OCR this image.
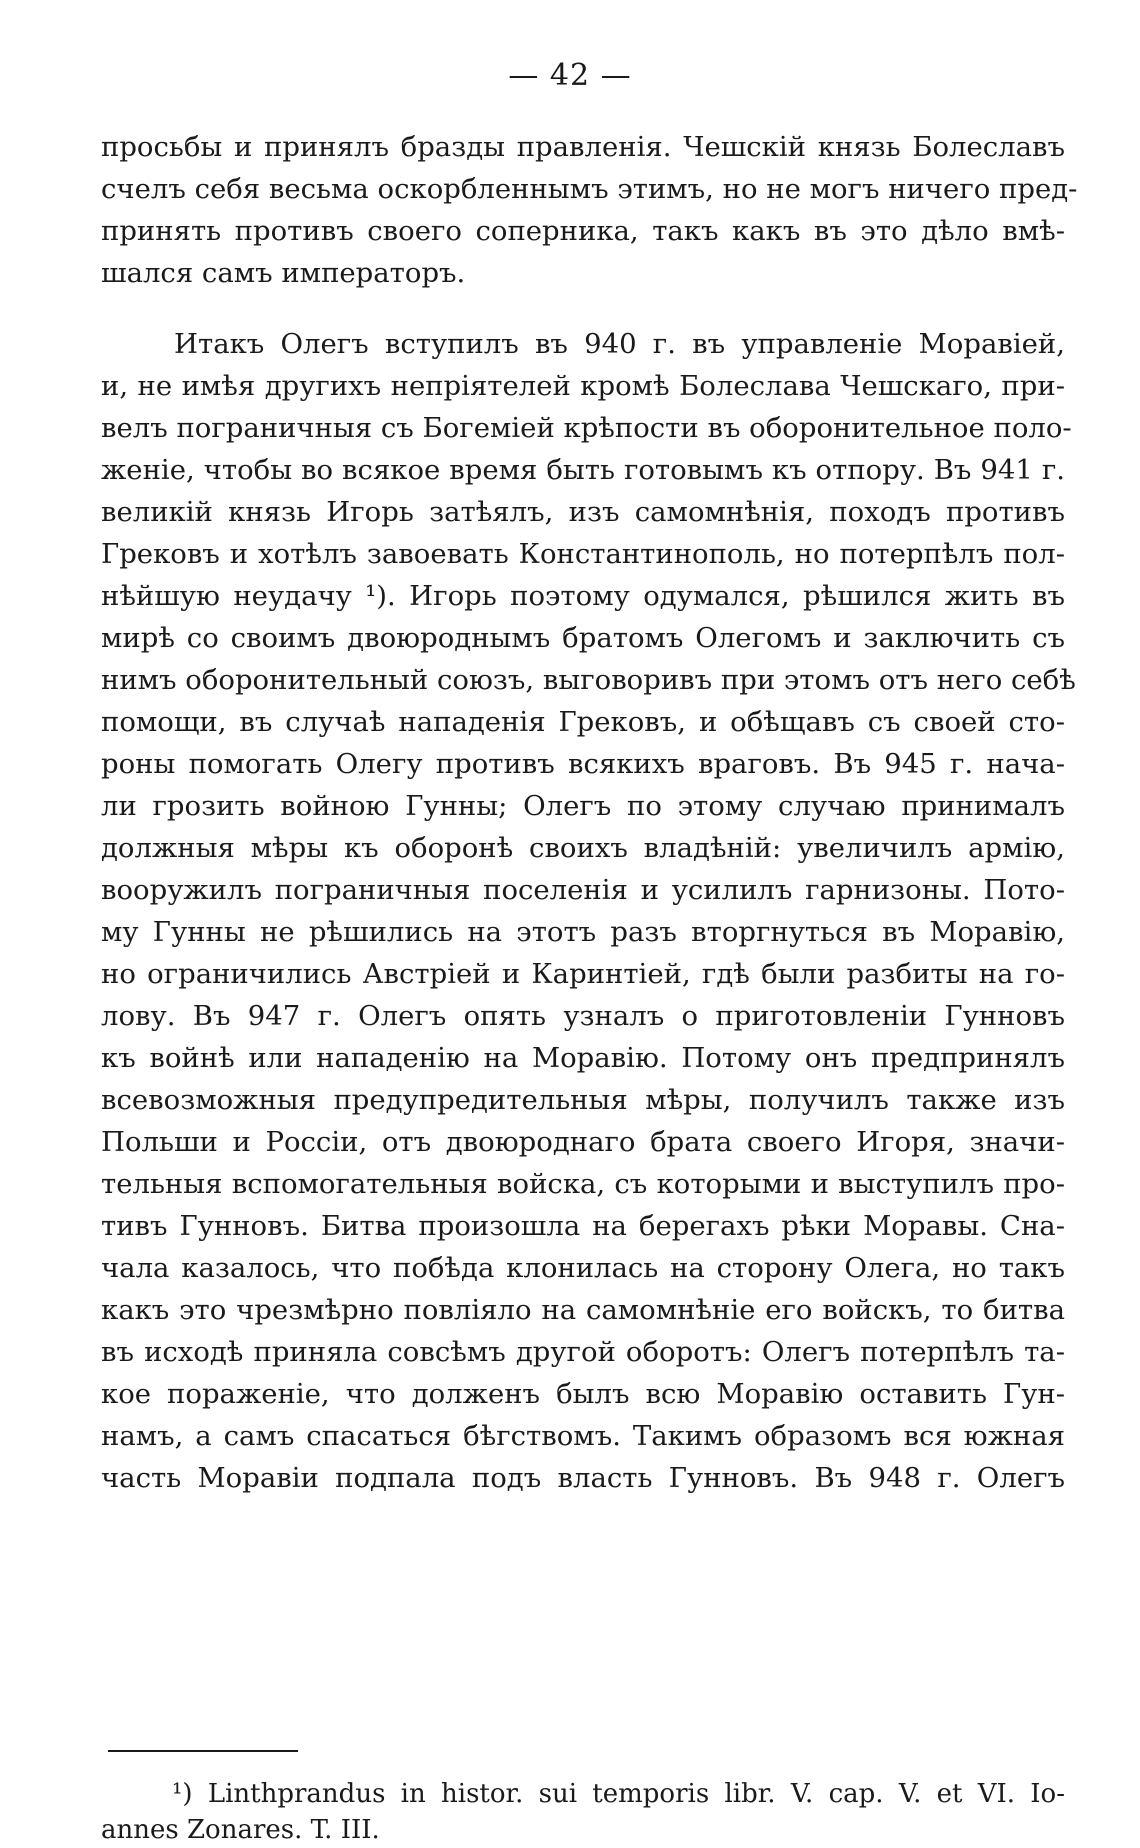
— 42 —
просьбы и принялъ бразды правленія. Чешскій князь Болеславъ
счелъ себя весьма оскорбленнымъ этимъ, но не могъ ничего пред-
принять противъ своего соперника, такъ какъ въ это дѣло вмѣ-
шался самъ императоръ.
Итакъ Олегъ вступилъ въ 940 г. въ управленіе Моравіей,
и, не имѣя другихъ непріятелей кромѣ Болеслава Чешскаго, при-
велъ пограничныя съ Богеміей крѣпости въ оборонительное поло-
женіе, чтобы во всякое время быть готовымъ къ отпору. Въ 941 г.
великій князь Игорь затѣялъ, изъ самомнѣнія, походъ противъ
Грековъ и хотѣлъ завоевать Константинополь, но потерпѣлъ пол-
нѣйшую неудачу ¹). Игорь поэтому одумался, рѣшился жить въ
мирѣ со своимъ двоюроднымъ братомъ Олегомъ и заключить съ
нимъ оборонительный союзъ, выговоривъ при этомъ отъ него себѣ
помощи, въ случаѣ нападенія Грековъ, и обѣщавъ съ своей сто-
роны помогать Олегу противъ всякихъ враговъ. Въ 945 г. нача-
ли грозить войною Гунны; Олегъ по этому случаю принималъ
должныя мѣры къ оборонѣ своихъ владѣній: увеличилъ армію,
вооружилъ пограничныя поселенія и усилилъ гарнизоны. Пото-
му Гунны не рѣшились на этотъ разъ вторгнуться въ Моравію,
но ограничились Австріей и Каринтіей, гдѣ были разбиты на го-
лову. Въ 947 г. Олегъ опять узналъ о приготовленіи Гунновъ
къ войнѣ или нападенію на Моравію. Потому онъ предпринялъ
всевозможныя предупредительныя мѣры, получилъ также изъ
Польши и Россіи, отъ двоюроднаго брата своего Игоря, значи-
тельныя вспомогательныя войска, съ которыми и выступилъ про-
тивъ Гунновъ. Битва произошла на берегахъ рѣки Моравы. Сна-
чала казалось, что побѣда клонилась на сторону Олега, но такъ
какъ это чрезмѣрно повліяло на самомнѣніе его войскъ, то битва
въ исходѣ приняла совсѣмъ другой оборотъ: Олегъ потерпѣлъ та-
кое пораженіе, что долженъ былъ всю Моравію оставить Гун-
намъ, а самъ спасаться бѣгствомъ. Такимъ образомъ вся южная
часть Моравіи подпала подъ власть Гунновъ. Въ 948 г. Олегъ
¹) Linthprandus in histor. sui temporis libr. V. cap. V. et VI. Io-
annes Zonares. T. III.
